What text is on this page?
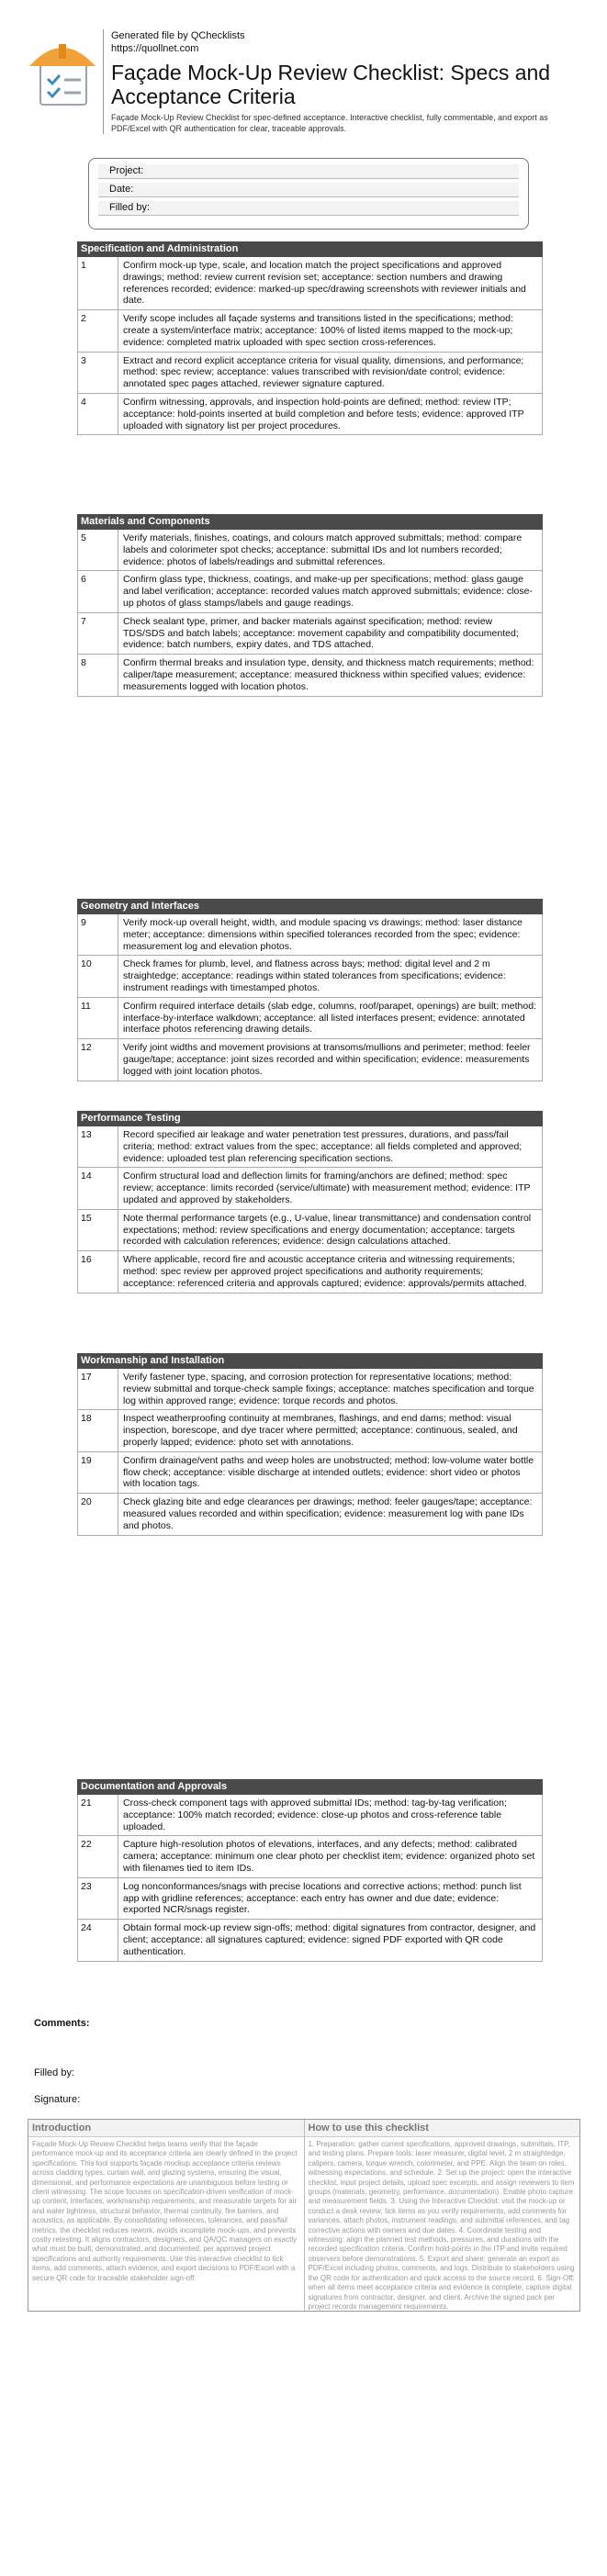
Generated file by QChecklists
https://quollnet.com
Façade Mock-Up Review Checklist: Specs and Acceptance Criteria
Façade Mock-Up Review Checklist for spec-defined acceptance. Interactive checklist, fully commentable, and export as PDF/Excel with QR authentication for clear, traceable approvals.
Project:
Date:
Filled by:
Specification and Administration
1	Confirm mock-up type, scale, and location match the project specifications and approved drawings; method: review current revision set; acceptance: section numbers and drawing references recorded; evidence: marked-up spec/drawing screenshots with reviewer initials and date.
2	Verify scope includes all façade systems and transitions listed in the specifications; method: create a system/interface matrix; acceptance: 100% of listed items mapped to the mock-up; evidence: completed matrix uploaded with spec section cross-references.
3	Extract and record explicit acceptance criteria for visual quality, dimensions, and performance; method: spec review; acceptance: values transcribed with revision/date control; evidence: annotated spec pages attached, reviewer signature captured.
4	Confirm witnessing, approvals, and inspection hold-points are defined; method: review ITP; acceptance: hold-points inserted at build completion and before tests; evidence: approved ITP uploaded with signatory list per project procedures.
Materials and Components
5	Verify materials, finishes, coatings, and colours match approved submittals; method: compare labels and colorimeter spot checks; acceptance: submittal IDs and lot numbers recorded; evidence: photos of labels/readings and submittal references.
6	Confirm glass type, thickness, coatings, and make-up per specifications; method: glass gauge and label verification; acceptance: recorded values match approved submittals; evidence: close-up photos of glass stamps/labels and gauge readings.
7	Check sealant type, primer, and backer materials against specification; method: review TDS/SDS and batch labels; acceptance: movement capability and compatibility documented; evidence: batch numbers, expiry dates, and TDS attached.
8	Confirm thermal breaks and insulation type, density, and thickness match requirements; method: caliper/tape measurement; acceptance: measured thickness within specified values; evidence: measurements logged with location photos.
Geometry and Interfaces
9	Verify mock-up overall height, width, and module spacing vs drawings; method: laser distance meter; acceptance: dimensions within specified tolerances recorded from the spec; evidence: measurement log and elevation photos.
10	Check frames for plumb, level, and flatness across bays; method: digital level and 2 m straightedge; acceptance: readings within stated tolerances from specifications; evidence: instrument readings with timestamped photos.
11	Confirm required interface details (slab edge, columns, roof/parapet, openings) are built; method: interface-by-interface walkdown; acceptance: all listed interfaces present; evidence: annotated interface photos referencing drawing details.
12	Verify joint widths and movement provisions at transoms/mullions and perimeter; method: feeler gauge/tape; acceptance: joint sizes recorded and within specification; evidence: measurements logged with joint location photos.
Performance Testing
13	Record specified air leakage and water penetration test pressures, durations, and pass/fail criteria; method: extract values from the spec; acceptance: all fields completed and approved; evidence: uploaded test plan referencing specification sections.
14	Confirm structural load and deflection limits for framing/anchors are defined; method: spec review; acceptance: limits recorded (service/ultimate) with measurement method; evidence: ITP updated and approved by stakeholders.
15	Note thermal performance targets (e.g., U-value, linear transmittance) and condensation control expectations; method: review specifications and energy documentation; acceptance: targets recorded with calculation references; evidence: design calculations attached.
16	Where applicable, record fire and acoustic acceptance criteria and witnessing requirements; method: spec review per approved project specifications and authority requirements; acceptance: referenced criteria and approvals captured; evidence: approvals/permits attached.
Workmanship and Installation
17	Verify fastener type, spacing, and corrosion protection for representative locations; method: review submittal and torque-check sample fixings; acceptance: matches specification and torque log within approved range; evidence: torque records and photos.
18	Inspect weatherproofing continuity at membranes, flashings, and end dams; method: visual inspection, borescope, and dye tracer where permitted; acceptance: continuous, sealed, and properly lapped; evidence: photo set with annotations.
19	Confirm drainage/vent paths and weep holes are unobstructed; method: low-volume water bottle flow check; acceptance: visible discharge at intended outlets; evidence: short video or photos with location tags.
20	Check glazing bite and edge clearances per drawings; method: feeler gauges/tape; acceptance: measured values recorded and within specification; evidence: measurement log with pane IDs and photos.
Documentation and Approvals
21	Cross-check component tags with approved submittal IDs; method: tag-by-tag verification; acceptance: 100% match recorded; evidence: close-up photos and cross-reference table uploaded.
22	Capture high-resolution photos of elevations, interfaces, and any defects; method: calibrated camera; acceptance: minimum one clear photo per checklist item; evidence: organized photo set with filenames tied to item IDs.
23	Log nonconformances/snags with precise locations and corrective actions; method: punch list app with gridline references; acceptance: each entry has owner and due date; evidence: exported NCR/snags register.
24	Obtain formal mock-up review sign-offs; method: digital signatures from contractor, designer, and client; acceptance: all signatures captured; evidence: signed PDF exported with QR code authentication.
Comments:
Filled by:
Signature:
Introduction
Façade Mock-Up Review Checklist helps teams verify that the façade performance mock-up and its acceptance criteria are clearly defined in the project specifications. This tool supports façade mockup acceptance criteria reviews across cladding types, curtain wall, and glazing systems, ensuring the visual, dimensional, and performance expectations are unambiguous before testing or client witnessing. The scope focuses on specification-driven verification of mock-up content, interfaces, workmanship requirements, and measurable targets for air and water tightness, structural behavior, thermal continuity, fire barriers, and acoustics, as applicable. By consolidating references, tolerances, and pass/fail metrics, the checklist reduces rework, avoids incomplete mock-ups, and prevents costly retesting. It aligns contractors, designers, and QA/QC managers on exactly what must be built, demonstrated, and documented, per approved project specifications and authority requirements. Use this interactive checklist to tick items, add comments, attach evidence, and export decisions to PDF/Excel with a secure QR code for traceable stakeholder sign-off.
How to use this checklist
1. Preparation: gather current specifications, approved drawings, submittals, ITP, and testing plans. Prepare tools: laser measurer, digital level, 2 m straightedge, calipers, camera, torque wrench, colorimeter, and PPE. Align the team on roles, witnessing expectations, and schedule. 2. Set up the project: open the interactive checklist, input project details, upload spec excerpts, and assign reviewers to item groups (materials, geometry, performance, documentation). Enable photo capture and measurement fields. 3. Using the Interactive Checklist: visit the mock-up or conduct a desk review; tick items as you verify requirements, add comments for variances, attach photos, instrument readings, and submittal references, and tag corrective actions with owners and due dates. 4. Coordinate testing and witnessing: align the planned test methods, pressures, and durations with the recorded specification criteria. Confirm hold-points in the ITP and invite required observers before demonstrations. 5. Export and share: generate an export as PDF/Excel including photos, comments, and logs. Distribute to stakeholders using the QR code for authentication and quick access to the source record. 6. Sign-Off: when all items meet acceptance criteria and evidence is complete, capture digital signatures from contractor, designer, and client. Archive the signed pack per project records management requirements.
